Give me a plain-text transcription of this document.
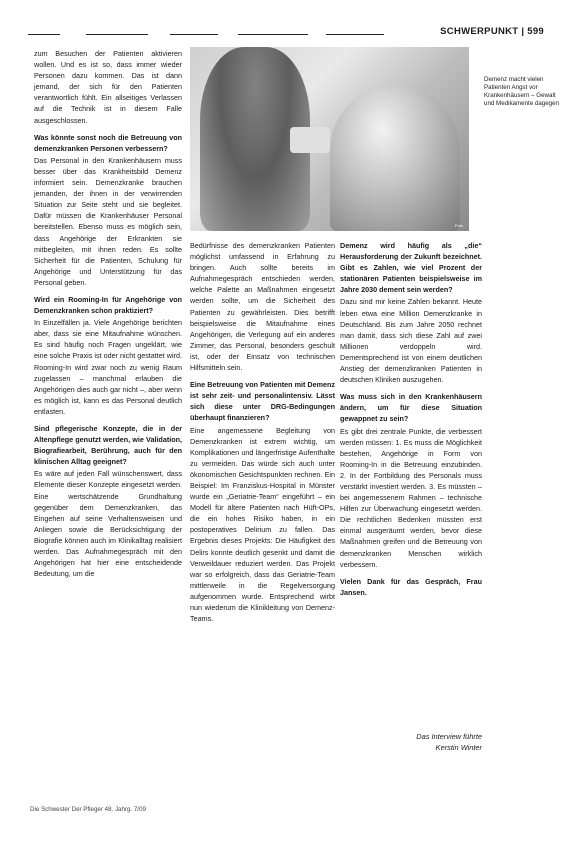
SCHWERPUNKT | 599
Foto
Demenz macht vielen Patienten Angst vor Krankenhäusern – Gewalt und Medikamente dagegen

zum Besuchen der Patienten aktivieren wollen. Und es ist so, dass immer wieder Personen dazu kommen. Das ist dann jemand, der sich für den Patienten verantwortlich fühlt. Ein allseitiges Verlassen auf die Technik ist in diesem Falle ausgeschlossen.

Was könnte sonst noch die Betreuung von demenzkranken Personen verbessern?

Das Personal in den Krankenhäusern muss besser über das Krankheitsbild Demenz informiert sein. Demenzkranke brauchen jemanden, der ihnen in der verwirrenden Situation zur Seite steht und sie begleitet. Dafür müssen die Krankenhäuser Personal bereitstellen. Ebenso muss es möglich sein, dass Angehörige der Erkrankten sie mitbegleiten, mit ihnen reden. Es sollte Sicherheit für die Patienten, Schulung für Angehörige und Unterstützung für das Personal geben.

Wird ein Rooming-In für Angehörige von Demenzkranken schon praktiziert?

In Einzelfällen ja. Viele Angehörige berichten aber, dass sie eine Mitaufnahme wünschen. Es sind häufig noch Fragen ungeklärt, wie eine solche Praxis ist oder nicht gestattet wird. Rooming-In wird zwar noch zu wenig Raum zugelassen – manchmal erlauben die Angehörigen dies auch gar nicht –, aber wenn es möglich ist, kann es das Personal deutlich entlasten.

Sind pflegerische Konzepte, die in der Altenpflege genutzt werden, wie Validation, Biografiearbeit, Berührung, auch für den klinischen Alltag geeignet?

Es wäre auf jeden Fall wünschenswert, dass Elemente dieser Konzepte eingesetzt werden. Eine wertschätzende Grundhaltung gegenüber dem Demenzkranken, das Eingehen auf seine Verhaltensweisen und Anliegen sowie die Berücksichtigung der Biografie können auch im Klinikalltag realisiert werden. Das Aufnahmegespräch mit den Angehörigen hat hier eine entscheidende Bedeutung, um die

Bedürfnisse des demenzkranken Patienten möglichst umfassend in Erfahrung zu bringen. Auch sollte bereits im Aufnahmegespräch entschieden werden, welche Palette an Maßnahmen eingesetzt werden sollte, um die Sicherheit des Patienten zu gewährleisten. Dies betrifft beispielsweise die Mitaufnahme eines Angehörigen, die Verlegung auf ein anderes Zimmer, das Personal, besonders geschult ist, oder der Einsatz von technischen Hilfsmitteln sein.

Eine Betreuung von Patienten mit Demenz ist sehr zeit- und personalintensiv. Lässt sich diese unter DRG-Bedingungen überhaupt finanzieren?

Eine angemessene Begleitung von Demenzkranken ist extrem wichtig, um Komplikationen und längerfristige Aufenthalte zu vermeiden. Das würde sich auch unter ökonomischen Gesichtspunkten rechnen. Ein Beispiel: Im Franziskus-Hospital in Münster wurde ein „Geriatrie-Team“ eingeführt – ein Modell für ältere Patienten nach Hüft-OPs, die ein hohes Risiko haben, in ein postoperatives Delirium zu fallen. Das Ergebnis dieses Projekts: Die Häufigkeit des Delirs konnte deutlich gesenkt und damit die Verweildauer reduziert werden. Das Projekt war so erfolgreich, dass das Geriatrie-Team mittlerweile in die Regelversorgung aufgenommen wurde. Entsprechend wirbt nun wiederum die Klinikleitung von Demenz-Teams.

Demenz wird häufig als „die“ Herausforderung der Zukunft bezeichnet. Gibt es Zahlen, wie viel Prozent der stationären Patienten beispielsweise im Jahre 2030 dement sein werden?

Dazu sind mir keine Zahlen bekannt. Heute leben etwa eine Million Demenzkranke in Deutschland. Bis zum Jahre 2050 rechnet man damit, dass sich diese Zahl auf zwei Millionen verdoppeln wird. Dementsprechend ist von einem deutlichen Anstieg der demenzkranken Patienten in deutschen Kliniken auszugehen.

Was muss sich in den Krankenhäusern ändern, um für diese Situation gewappnet zu sein?

Es gibt drei zentrale Punkte, die verbessert werden müssen: 1. Es muss die Möglichkeit bestehen, Angehörige in Form von Rooming-In in die Betreuung einzubinden. 2. In der Fortbildung des Personals muss verstärkt investiert werden. 3. Es müssten – bei angemessenem Rahmen – technische Hilfen zur Überwachung eingesetzt werden. Die rechtlichen Bedenken müssten erst einmal ausgeräumt werden, bevor diese Maßnahmen greifen und die Betreuung von demenzkranken Menschen wirklich verbessern.

Vielen Dank für das Gespräch, Frau Jansen.

Das Interview führte
Kerstin Winter
Die Schwester Der Pfleger 48. Jahrg. 7/09
